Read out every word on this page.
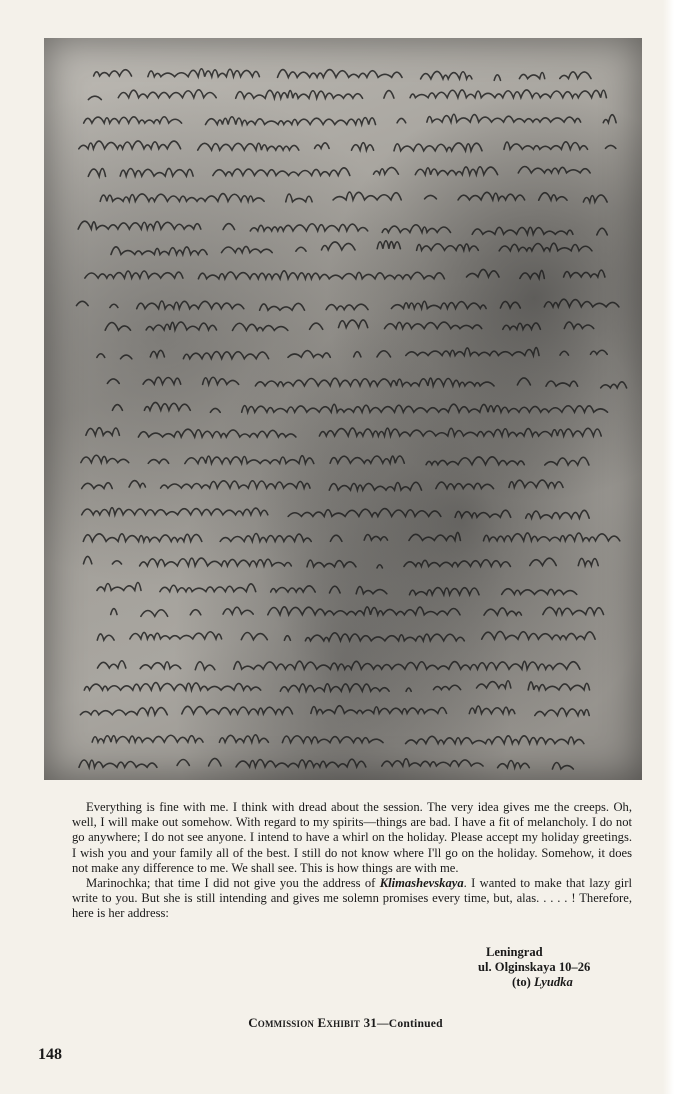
Everything is fine with me. I think with dread about the session. The very idea gives me the creeps. Oh, well, I will make out somehow. With regard to my spirits—things are bad. I have a fit of melancholy. I do not go anywhere; I do not see anyone. I intend to have a whirl on the holiday. Please accept my holiday greetings. I wish you and your family all of the best. I still do not know where I'll go on the holiday. Somehow, it does not make any difference to me. We shall see. This is how things are with me.

Marinochka; that time I did not give you the address of Klimashevskaya. I wanted to make that lazy girl write to you. But she is still intending and gives me solemn promises every time, but, alas. . . . . ! Therefore, here is her address:

Leningrad
ul. Olginskaya 10–26
(to) Lyudka
Commission Exhibit 31—Continued
148
